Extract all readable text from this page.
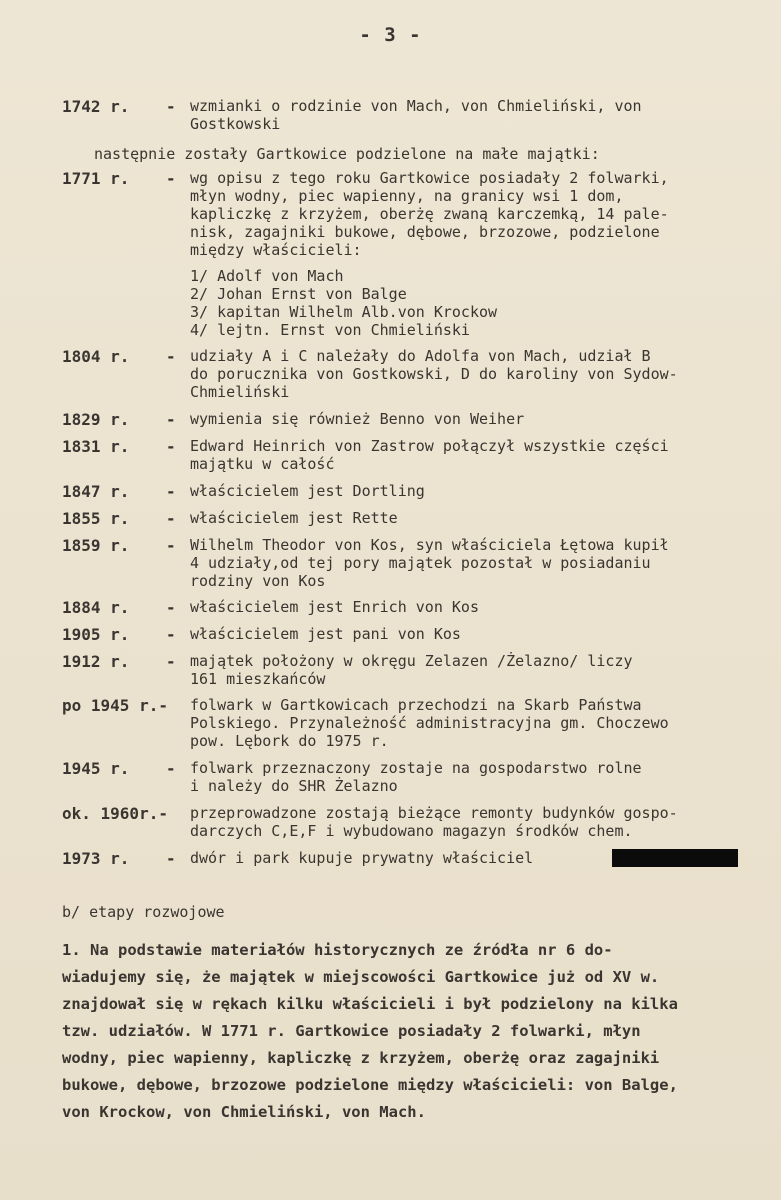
- 3 -
1742 r. - wzmianki o rodzinie von Mach, von Chmieliński, von
Gostkowski
następnie zostały Gartkowice podzielone na małe majątki:
1771 r. - wg opisu z tego roku Gartkowice posiadały 2 folwarki,
młyn wodny, piec wapienny, na granicy wsi 1 dom,
kapliczkę z krzyżem, oberżę zwaną karczemką, 14 pale-
nisk, zagajniki bukowe, dębowe, brzozowe, podzielone
między właścicieli:
1/ Adolf von Mach
2/ Johan Ernst von Balge
3/ kapitan Wilhelm Alb.von Krockow
4/ lejtn. Ernst von Chmieliński
1804 r. - udziały A i C należały do Adolfa von Mach, udział B
do porucznika von Gostkowski, D do karoliny von Sydow-
Chmieliński
1829 r. - wymienia się również Benno von Weiher
1831 r. - Edward Heinrich von Zastrow połączył wszystkie części
majątku w całość
1847 r. - właścicielem jest Dortling
1855 r. - właścicielem jest Rette
1859 r. - Wilhelm Theodor von Kos, syn właściciela Łętowa kupił
4 udziały,od tej pory majątek pozostał w posiadaniu
rodziny von Kos
1884 r. - właścicielem jest Enrich von Kos
1905 r. - właścicielem jest pani von Kos
1912 r. - majątek położony w okręgu Zelazen /Żelazno/ liczy
161 mieszkańców
po 1945 r.- folwark w Gartkowicach przechodzi na Skarb Państwa
Polskiego. Przynależność administracyjna gm. Choczewo
pow. Lębork do 1975 r.
1945 r. - folwark przeznaczony zostaje na gospodarstwo rolne
i należy do SHR Żelazno
ok. 1960r.- przeprowadzone zostają bieżące remonty budynków gospo-
darczych C,E,F i wybudowano magazyn środków chem.
1973 r. - dwór i park kupuje prywatny właściciel
b/ etapy rozwojowe
1. Na podstawie materiałów historycznych ze źródła nr 6 do-
wiadujemy się, że majątek w miejscowości Gartkowice już od XV w.
znajdował się w rękach kilku właścicieli i był podzielony na kilka
tzw. udziałów. W 1771 r. Gartkowice posiadały 2 folwarki, młyn
wodny, piec wapienny, kapliczkę z krzyżem, oberżę oraz zagajniki
bukowe, dębowe, brzozowe podzielone między właścicieli: von Balge,
von Krockow, von Chmieliński, von Mach.
